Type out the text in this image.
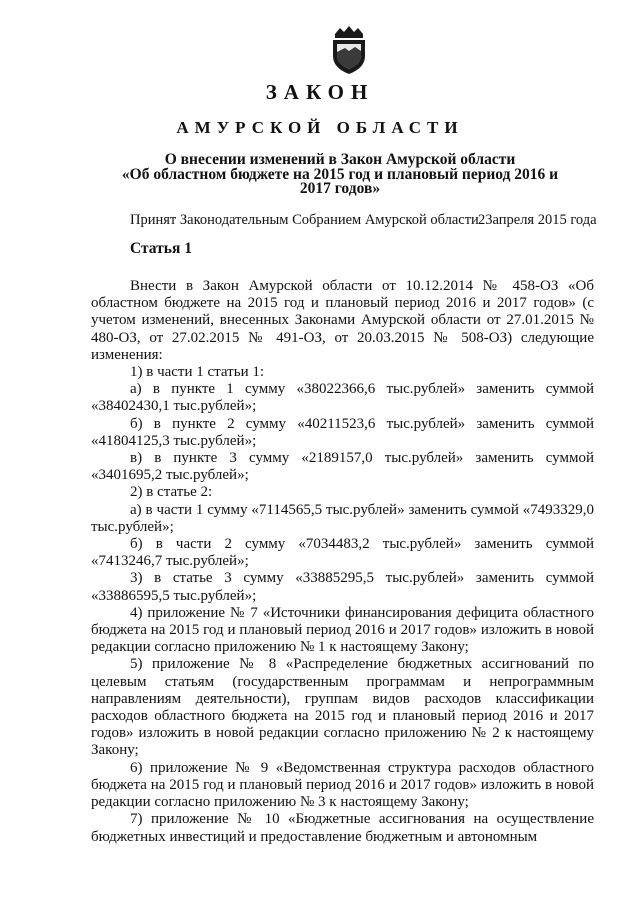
ЗАКОН
АМУРСКОЙ ОБЛАСТИ
О внесении изменений в Закон Амурской области
«Об областном бюджете на 2015 год и плановый период 2016 и
2017 годов»
Принят Законодательным Собранием Амурской области 23апреля 2015 года
Статья 1

Внести в Закон Амурской области от 10.12.2014 № 458-ОЗ «Об областном бюджете на 2015 год и плановый период 2016 и 2017 годов» (с учетом изменений, внесенных Законами Амурской области от 27.01.2015 № 480-ОЗ, от 27.02.2015 № 491-ОЗ, от 20.03.2015 № 508-ОЗ) следующие изменения:

1) в части 1 статьи 1:

а) в пункте 1 сумму «38022366,6 тыс.рублей» заменить суммой «38402430,1 тыс.рублей»;

б) в пункте 2 сумму «40211523,6 тыс.рублей» заменить суммой «41804125,3 тыс.рублей»;

в) в пункте 3 сумму «2189157,0 тыс.рублей» заменить суммой «3401695,2 тыс.рублей»;

2) в статье 2:

а) в части 1 сумму «7114565,5 тыс.рублей» заменить суммой «7493329,0 тыс.рублей»;

б) в части 2 сумму «7034483,2 тыс.рублей» заменить суммой «7413246,7 тыс.рублей»;

3) в статье 3 сумму «33885295,5 тыс.рублей» заменить суммой «33886595,5 тыс.рублей»;

4) приложение № 7 «Источники финансирования дефицита областного бюджета на 2015 год и плановый период 2016 и 2017 годов» изложить в новой редакции согласно приложению № 1 к настоящему Закону;

5) приложение № 8 «Распределение бюджетных ассигнований по целевым статьям (государственным программам и непрограммным направлениям деятельности), группам видов расходов классификации расходов областного бюджета на 2015 год и плановый период 2016 и 2017 годов» изложить в новой редакции согласно приложению № 2 к настоящему Закону;

6) приложение № 9 «Ведомственная структура расходов областного бюджета на 2015 год и плановый период 2016 и 2017 годов» изложить в новой редакции согласно приложению № 3 к настоящему Закону;

7) приложение № 10 «Бюджетные ассигнования на осуществление бюджетных инвестиций и предоставление бюджетным и автономным
